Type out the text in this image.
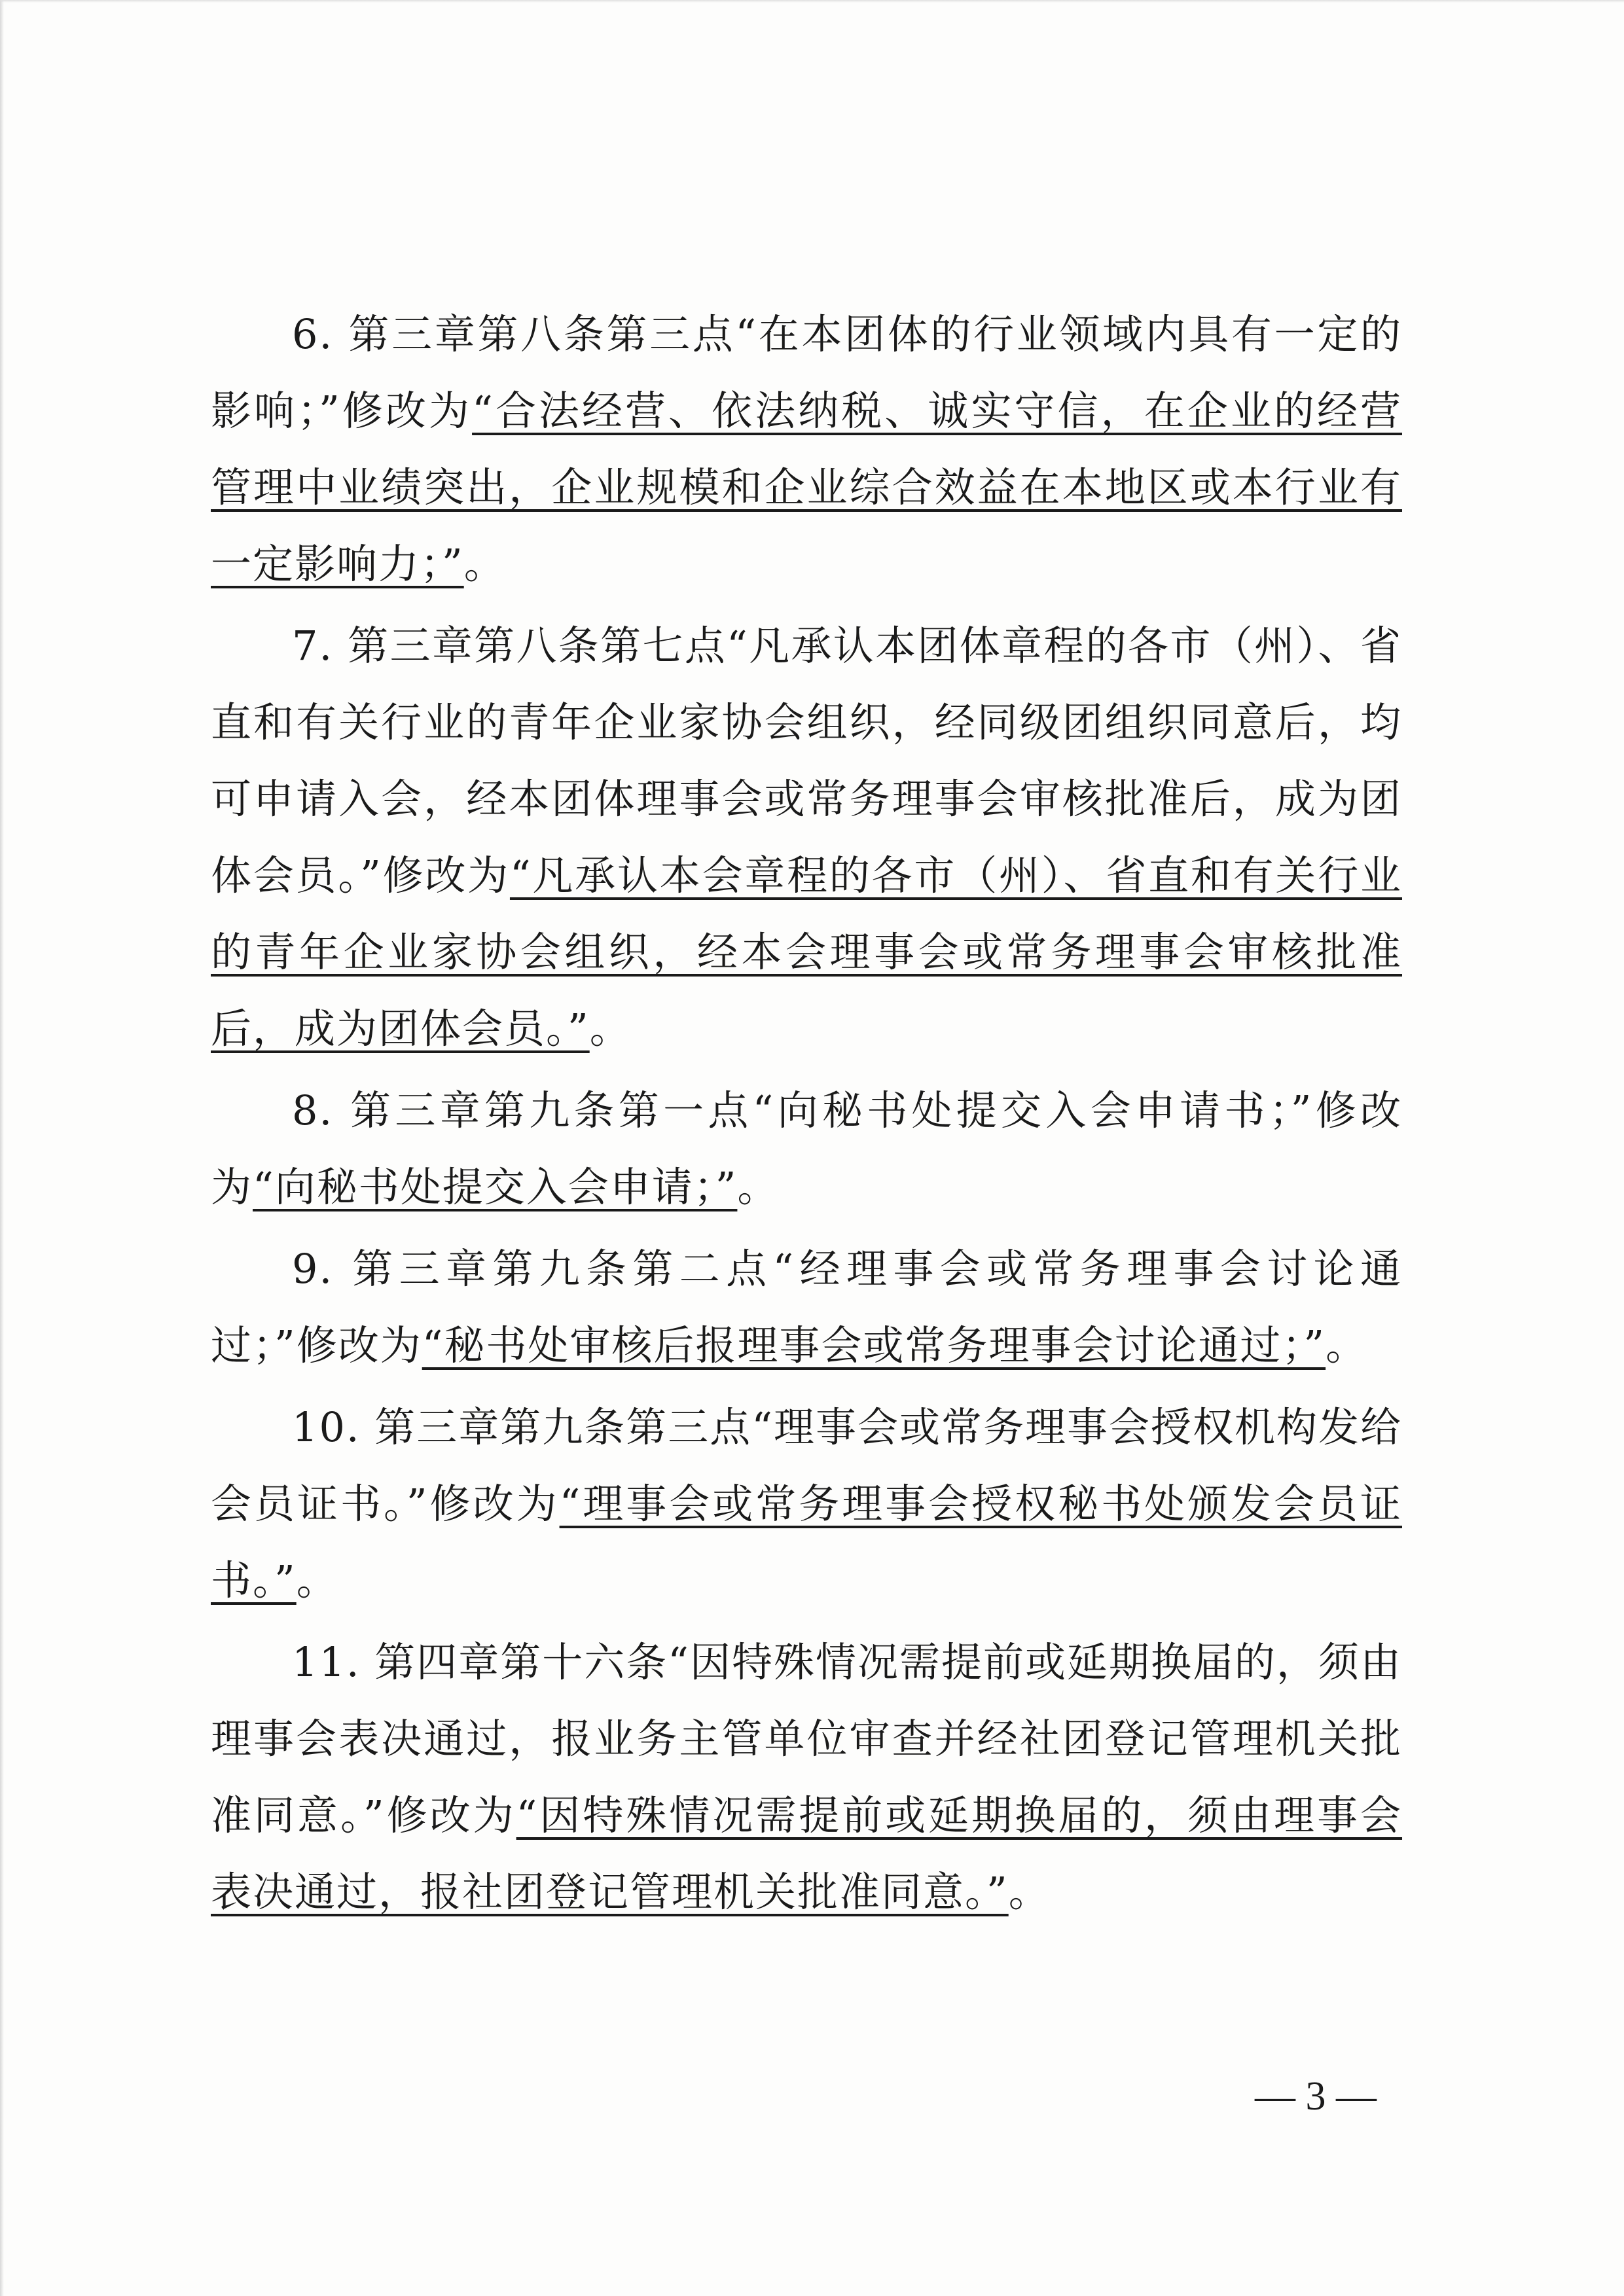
6. 第三章第八条第三点“在本团体的行业领域内具有一定的影响；”修改为“合法经营、依法纳税、诚实守信，在企业的经营管理中业绩突出，企业规模和企业综合效益在本地区或本行业有一定影响力；”。

7. 第三章第八条第七点“凡承认本团体章程的各市（州）、省直和有关行业的青年企业家协会组织，经同级团组织同意后，均可申请入会，经本团体理事会或常务理事会审核批准后，成为团体会员。”修改为“凡承认本会章程的各市（州）、省直和有关行业的青年企业家协会组织，经本会理事会或常务理事会审核批准后，成为团体会员。”。

8. 第三章第九条第一点“向秘书处提交入会申请书；”修改为“向秘书处提交入会申请；”。

9. 第三章第九条第二点“经理事会或常务理事会讨论通过；”修改为“秘书处审核后报理事会或常务理事会讨论通过；”。

10. 第三章第九条第三点“理事会或常务理事会授权机构发给会员证书。”修改为“理事会或常务理事会授权秘书处颁发会员证书。”。

11. 第四章第十六条“因特殊情况需提前或延期换届的，须由理事会表决通过，报业务主管单位审查并经社团登记管理机关批准同意。”修改为“因特殊情况需提前或延期换届的，须由理事会表决通过，报社团登记管理机关批准同意。”。

— 3 —
